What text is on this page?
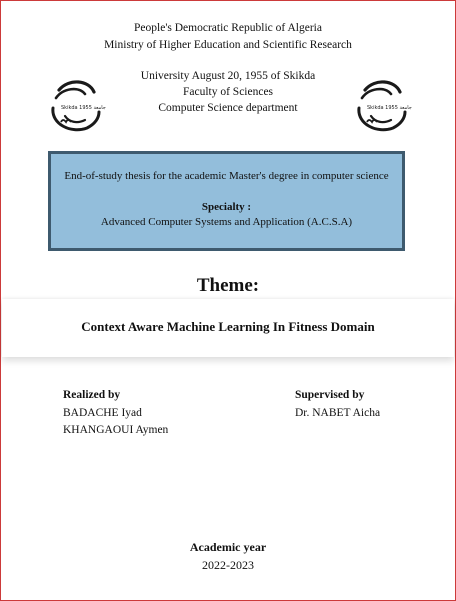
People's Democratic Republic of Algeria
Ministry of Higher Education and Scientific Research
University August 20, 1955 of Skikda
Faculty of Sciences
Computer Science department
Skikda 1955 جامعة	Skikda 1955 جامعة
End-of-study thesis for the academic Master's degree in computer science
Specialty :
Advanced Computer Systems and Application (A.C.S.A)
Theme:
Context Aware Machine Learning In Fitness Domain
Realized by
BADACHE Iyad
KHANGAOUI Aymen
Supervised by
Dr. NABET Aicha
Academic year
2022-2023
